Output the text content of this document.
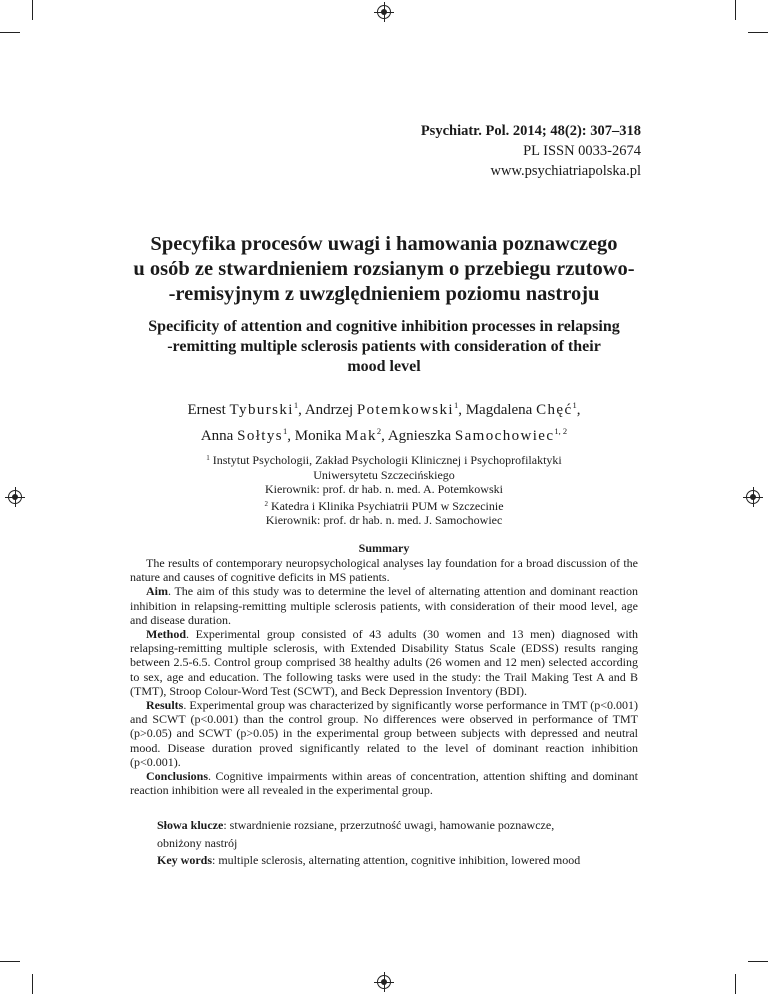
Psychiatr. Pol. 2014; 48(2): 307–318
PL ISSN 0033-2674
www.psychiatriapolska.pl
Specyfika procesów uwagi i hamowania poznawczego
u osób ze stwardnieniem rozsianym o przebiegu rzutowo-
-remisyjnym z uwzględnieniem poziomu nastroju
Specificity of attention and cognitive inhibition processes in relapsing
-remitting multiple sclerosis patients with consideration of their
mood level
Ernest Tyburski$^1$, Andrzej Potemkowski$^1$, Magdalena Chęć$^1$,
Anna Sołtys$^1$, Monika Mak$^2$, Agnieszka Samochowiec$^{1, 2}$
$^1$ Instytut Psychologii, Zakład Psychologii Klinicznej i Psychoprofilaktyki
Uniwersytetu Szczecińskiego
Kierownik: prof. dr hab. n. med. A. Potemkowski
$^2$ Katedra i Klinika Psychiatrii PUM w Szczecinie
Kierownik: prof. dr hab. n. med. J. Samochowiec
Summary

The results of contemporary neuropsychological analyses lay foundation for a broad discussion of the nature and causes of cognitive deficits in MS patients.

Aim. The aim of this study was to determine the level of alternating attention and dominant reaction inhibition in relapsing-remitting multiple sclerosis patients, with consideration of their mood level, age and disease duration.

Method. Experimental group consisted of 43 adults (30 women and 13 men) diagnosed with relapsing-remitting multiple sclerosis, with Extended Disability Status Scale (EDSS) results ranging between 2.5-6.5. Control group comprised 38 healthy adults (26 women and 12 men) selected according to sex, age and education. The following tasks were used in the study: the Trail Making Test A and B (TMT), Stroop Colour-Word Test (SCWT), and Beck Depression Inventory (BDI).

Results. Experimental group was characterized by significantly worse performance in TMT (p<0.001) and SCWT (p<0.001) than the control group. No differences were observed in performance of TMT (p>0.05) and SCWT (p>0.05) in the experimental group between subjects with depressed and neutral mood. Disease duration proved significantly related to the level of dominant reaction inhibition (p<0.001).

Conclusions. Cognitive impairments within areas of concentration, attention shifting and dominant reaction inhibition were all revealed in the experimental group.

Słowa klucze: stwardnienie rozsiane, przerzutność uwagi, hamowanie poznawcze,

obniżony nastrój

Key words: multiple sclerosis, alternating attention, cognitive inhibition, lowered mood
